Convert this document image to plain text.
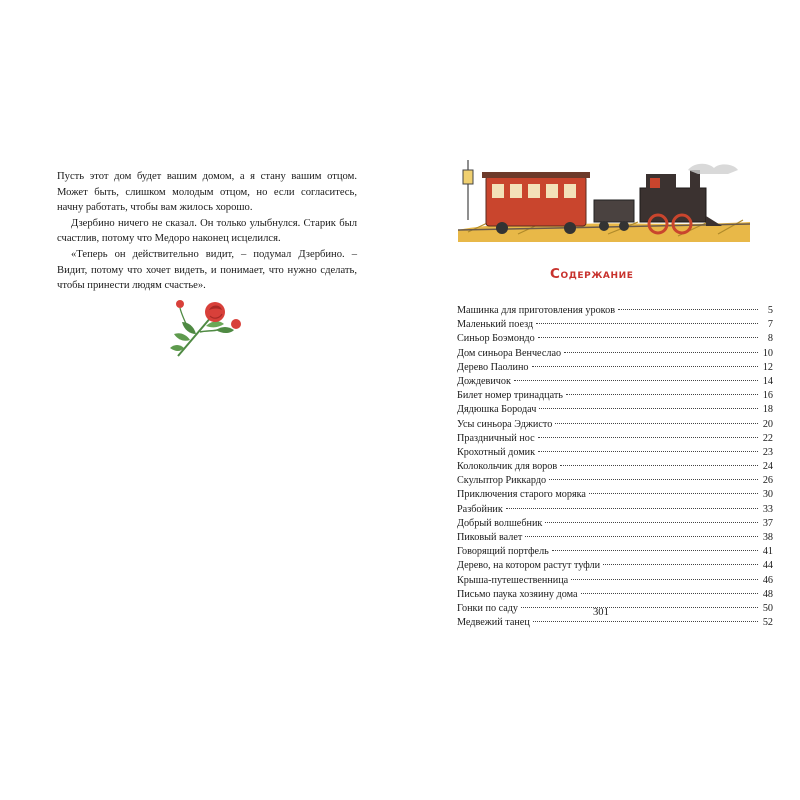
Пусть этот дом будет вашим домом, а я стану вашим отцом. Может быть, слишком молодым отцом, но если согласитесь, начну работать, чтобы вам жилось хорошо.

Дзербино ничего не сказал. Он только улыбнулся. Старик был счастлив, потому что Медоро наконец исцелился.

«Теперь он действительно видит, – подумал Дзербино. – Видит, потому что хочет видеть, и понимает, что нужно сделать, чтобы принести людям счастье».

Содержание
Машинка для приготовления уроков	5
Маленький поезд	7
Синьор Боэмондо	8
Дом синьора Венчеслао	10
Дерево Паолино	12
Дождевичок	14
Билет номер тринадцать	16
Дядюшка Бородач	18
Усы синьора Эджисто	20
Праздничный нос	22
Крохотный домик	23
Колокольчик для воров	24
Скульптор Риккардо	26
Приключения старого моряка	30
Разбойник	33
Добрый волшебник	37
Пиковый валет	38
Говорящий портфель	41
Дерево, на котором растут туфли	44
Крыша-путешественница	46
Письмо паука хозяину дома	48
Гонки по саду	50
Медвежий танец	52
301
